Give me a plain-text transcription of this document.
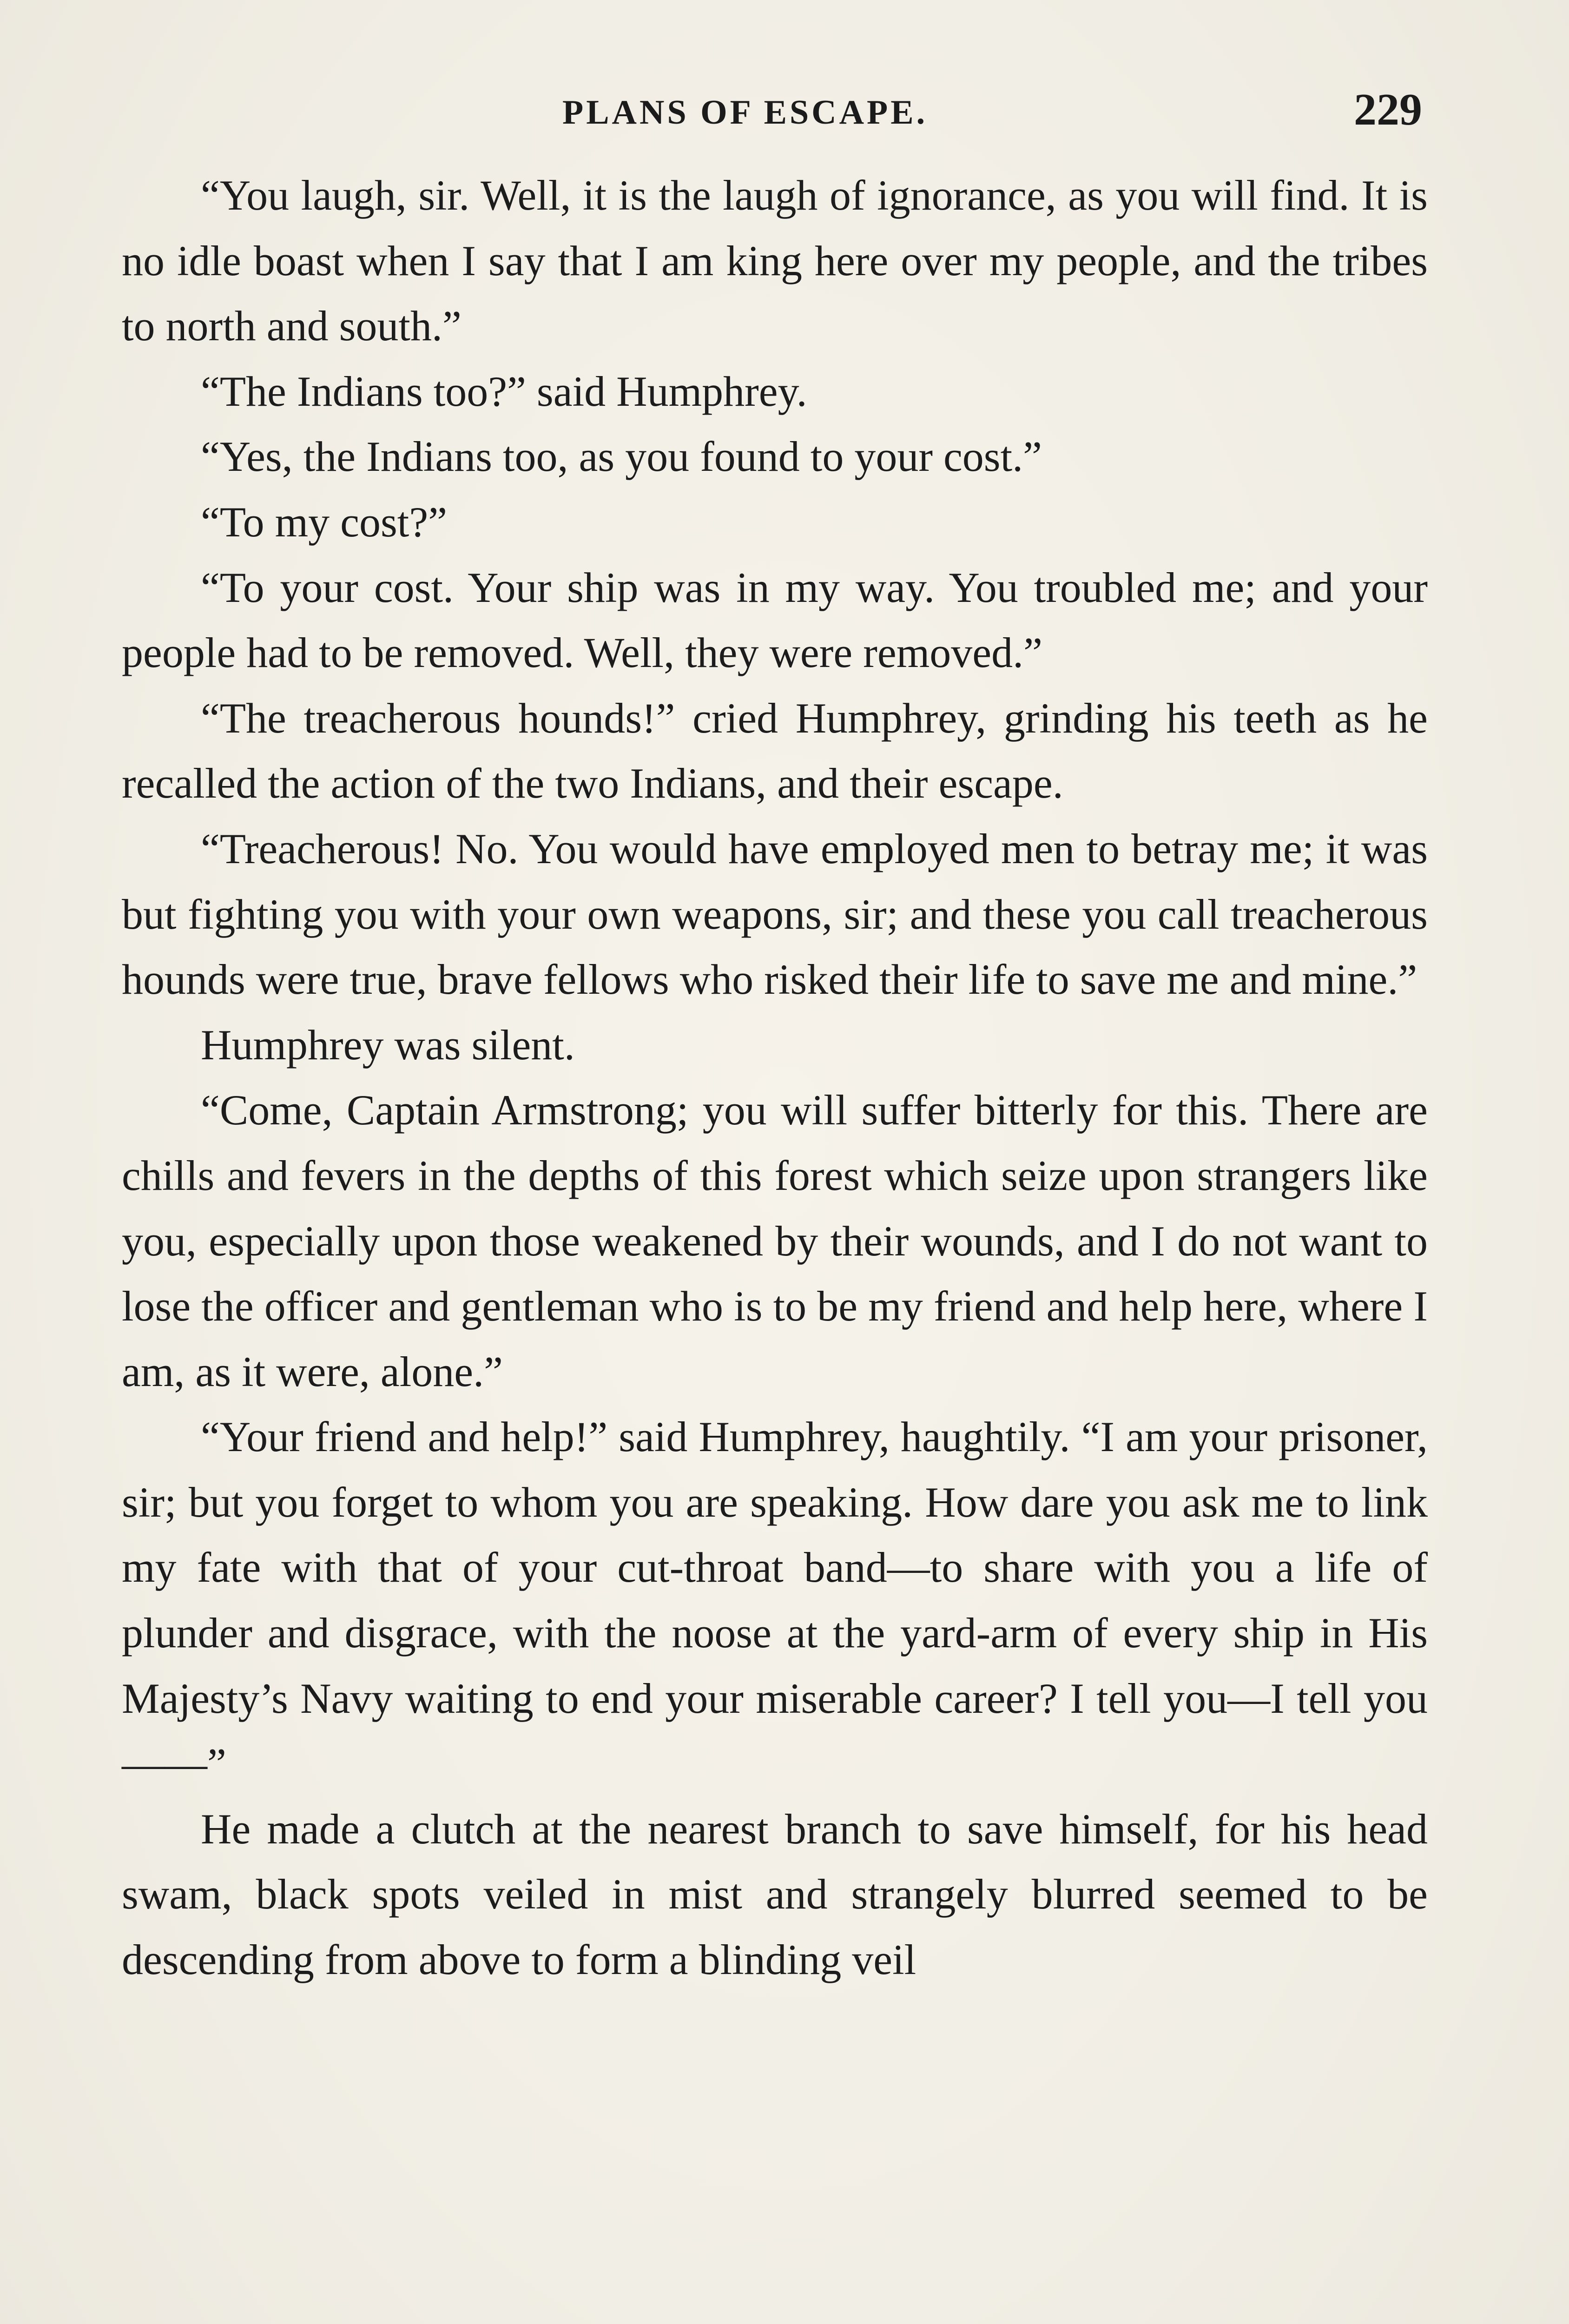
PLANS OF ESCAPE.	229

“You laugh, sir. Well, it is the laugh of ignorance, as you will find. It is no idle boast when I say that I am king here over my people, and the tribes to north and south.”

“The Indians too?” said Humphrey.

“Yes, the Indians too, as you found to your cost.”

“To my cost?”

“To your cost. Your ship was in my way. You troubled me; and your people had to be removed. Well, they were removed.”

“The treacherous hounds!” cried Humphrey, grinding his teeth as he recalled the action of the two Indians, and their escape.

“Treacherous! No. You would have employed men to betray me; it was but fighting you with your own weapons, sir; and these you call treacherous hounds were true, brave fellows who risked their life to save me and mine.”

Humphrey was silent.

“Come, Captain Armstrong; you will suffer bitterly for this. There are chills and fevers in the depths of this forest which seize upon strangers like you, especially upon those weakened by their wounds, and I do not want to lose the officer and gentleman who is to be my friend and help here, where I am, as it were, alone.”

“Your friend and help!” said Humphrey, haughtily. “I am your prisoner, sir; but you forget to whom you are speaking. How dare you ask me to link my fate with that of your cut-throat band—to share with you a life of plunder and disgrace, with the noose at the yard-arm of every ship in His Majesty’s Navy waiting to end your miserable career? I tell you—I tell you——”

He made a clutch at the nearest branch to save himself, for his head swam, black spots veiled in mist and strangely blurred seemed to be descending from above to form a blinding veil
